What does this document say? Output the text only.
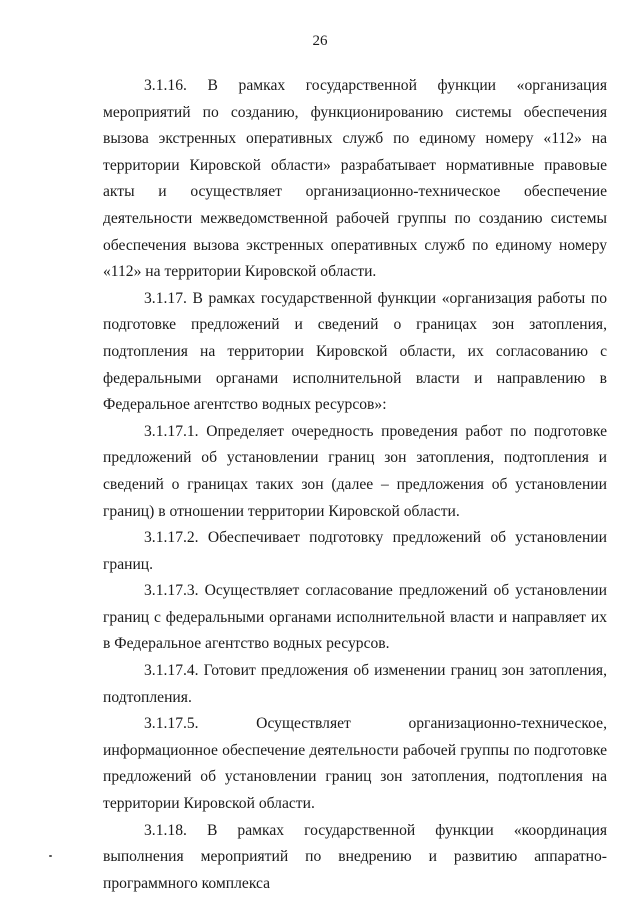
26

3.1.16. В рамках государственной функции «организация мероприятий по созданию, функционированию системы обеспечения вызова экстренных оперативных служб по единому номеру «112» на территории Кировской области» разрабатывает нормативные правовые акты и осуществляет организационно-техническое обеспечение деятельности межведомственной рабочей группы по созданию системы обеспечения вызова экстренных оперативных служб по единому номеру «112» на территории Кировской области.

3.1.17. В рамках государственной функции «организация работы по подготовке предложений и сведений о границах зон затопления, подтопления на территории Кировской области, их согласованию с федеральными органами исполнительной власти и направлению в Федеральное агентство водных ресурсов»:

3.1.17.1. Определяет очередность проведения работ по подготовке предложений об установлении границ зон затопления, подтопления и сведений о границах таких зон (далее – предложения об установлении границ) в отношении территории Кировской области.

3.1.17.2. Обеспечивает подготовку предложений об установлении границ.

3.1.17.3. Осуществляет согласование предложений об установлении границ с федеральными органами исполнительной власти и направляет их в Федеральное агентство водных ресурсов.

3.1.17.4. Готовит предложения об изменении границ зон затопления, подтопления.

3.1.17.5. Осуществляет организационно-техническое, информационное обеспечение деятельности рабочей группы по подготовке предложений об установлении границ зон затопления, подтопления на территории Кировской области.

3.1.18. В рамках государственной функции «координация выполнения мероприятий по внедрению и развитию аппаратно-программного комплекса
